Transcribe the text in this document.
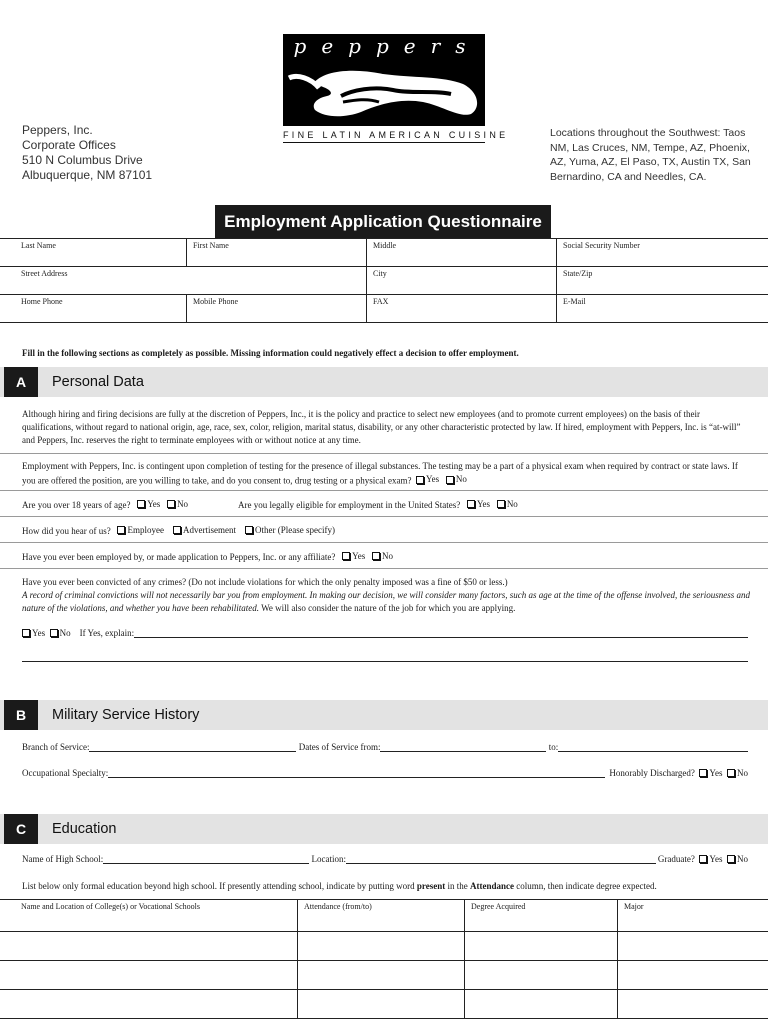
peppers
FINE LATIN AMERICAN CUISINE
Peppers, Inc.
Corporate Offices
510 N Columbus Drive
Albuquerque, NM 87101
Locations throughout the Southwest: Taos NM, Las Cruces, NM, Tempe, AZ, Phoenix, AZ, Yuma, AZ, El Paso, TX, Austin TX, San Bernardino, CA and Needles, CA.
Employment Application Questionnaire
Last Name	First Name	Middle	Social Security Number
Street Address	City	State/Zip
Home Phone	Mobile Phone	FAX	E-Mail
Fill in the following sections as completely as possible. Missing information could negatively effect a decision to offer employment.
A	Personal Data
Although hiring and firing decisions are fully at the discretion of Peppers, Inc., it is the policy and practice to select new employees (and to promote current employees) on the basis of their qualifications, without regard to national origin, age, race, sex, color, religion, marital status, disability, or any other characteristic protected by law. If hired, employment with Peppers, Inc. is “at-will” and Peppers, Inc. reserves the right to terminate employees with or without notice at any time.
Employment with Peppers, Inc. is contingent upon completion of testing for the presence of illegal substances. The testing may be a part of a physical exam when required by contract or state laws. If you are offered the position, are you willing to take, and do you consent to, drug testing or a physical exam? Yes
No
Are you over 18 years of age? Yes
No	Are you legally eligible for employment in the United States? Yes
No
How did you hear of us? Employee
Advertisement
Other (Please specify)
Have you ever been employed by, or made application to Peppers, Inc. or any affiliate? Yes
No
Have you ever been convicted of any crimes? (Do not include violations for which the only penalty imposed was a fine of $50 or less.)
A record of criminal convictions will not necessarily bar you from employment. In making our decision, we will consider many factors, such as age at the time of the offense involved, the seriousness and nature of the violations, and whether you have been rehabilitated. We will also consider the nature of the job for which you are applying.
Yes
No
If Yes, explain:
B	Military Service History
Branch of Service:
	Dates of Service from:
	to:
Occupational Specialty:
	Honorably Discharged?
Yes
No
C	Education
Name of High School:
	Location:
	Graduate?
Yes
No
List below only formal education beyond high school. If presently attending school, indicate by putting word present in the Attendance column, then indicate degree expected.
Name and Location of College(s) or Vocational Schools	Attendance (from/to)	Degree Acquired	Major
